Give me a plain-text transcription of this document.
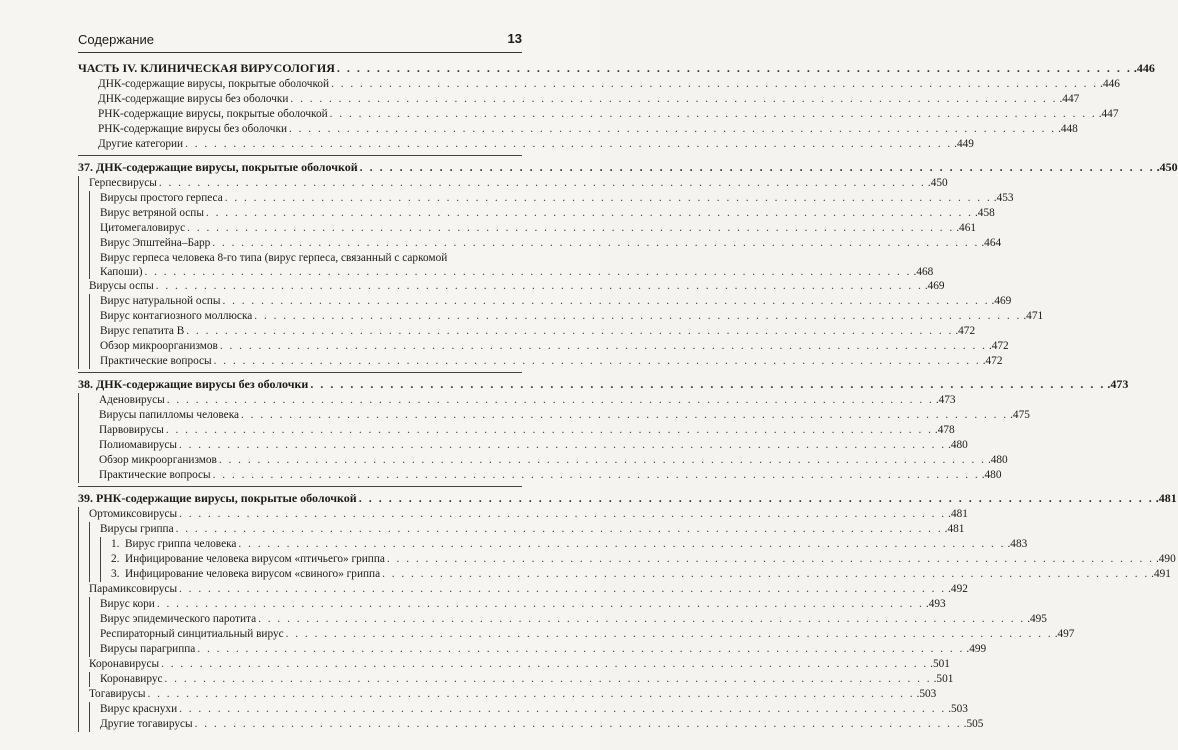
Содержание	13
ЧАСТЬ IV. КЛИНИЧЕСКАЯ ВИРУСОЛОГИЯ . . .	.446
ДНК-содержащие вирусы, покрытые оболочкой . . .	.446
ДНК-содержащие вирусы без оболочки . . .	.447
РНК-содержащие вирусы, покрытые оболочкой . . .	.447
РНК-содержащие вирусы без оболочки . . .	.448
Другие категории . . .	.449
37. ДНК-содержащие вирусы, покрытые оболочкой . . .	.450
Герпесвирусы . . .	.450
Вирусы простого герпеса . . .	.453
Вирус ветряной оспы . . .	.458
Цитомегаловирус . . .	.461
Вирус Эпштейна–Барр . . .	.464
Вирус герпеса человека 8-го типа (вирус герпеса, связанный с саркомой
Капоши) . . .	.468
Вирусы оспы . . .	.469
Вирус натуральной оспы . . .	.469
Вирус контагиозного моллюска . . .	.471
Вирус гепатита B . . .	.472
Обзор микроорганизмов . . .	.472
Практические вопросы . . .	.472
38. ДНК-содержащие вирусы без оболочки . . .	.473
Аденовирусы . . .	.473
Вирусы папилломы человека . . .	.475
Парвовирусы . . .	.478
Полиомавирусы . . .	.480
Обзор микроорганизмов . . .	.480
Практические вопросы . . .	.480
39. РНК-содержащие вирусы, покрытые оболочкой . . .	.481
Ортомиксовирусы . . .	.481
Вирусы гриппа . . .	.481
1. Вирус гриппа человека . . .	.483
2. Инфицирование человека вирусом «птичьего» гриппа . . .	.490
3. Инфицирование человека вирусом «свиного» гриппа . . .	.491
Парамиксовирусы . . .	.492
Вирус кори . . .	.493
Вирус эпидемического паротита . . .	.495
Респираторный синцитиальный вирус . . .	.497
Вирусы парагриппа . . .	.499
Коронавирусы . . .	.501
Коронавирус . . .	.501
Тогавирусы . . .	.503
Вирус краснухи . . .	.503
Другие тогавирусы . . .	.505
